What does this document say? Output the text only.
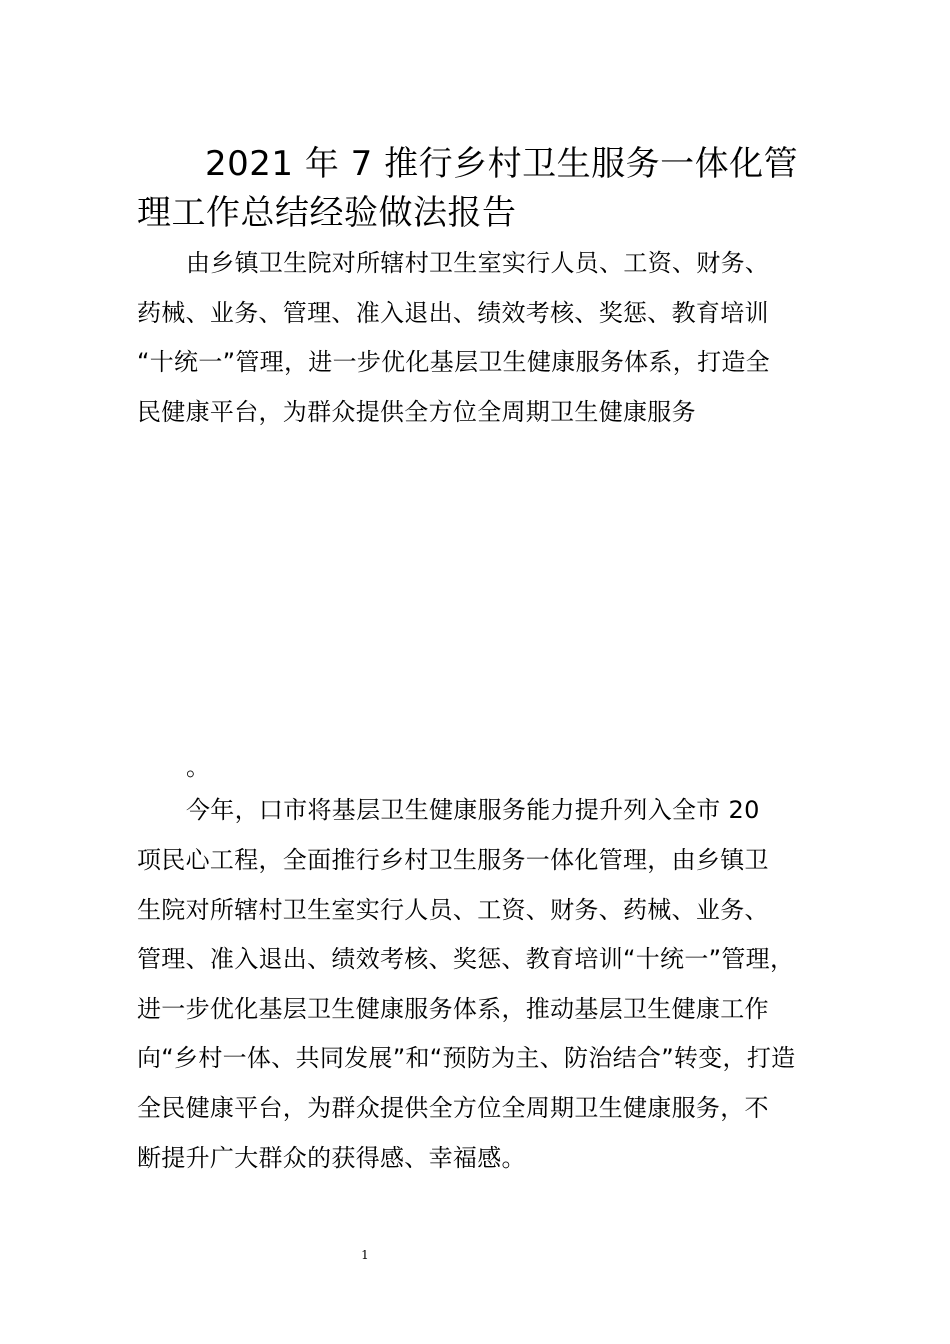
2021 年 7 推行乡村卫生服务一体化管
理工作总结经验做法报告
由乡镇卫生院对所辖村卫生室实行人员、工资、财务、
药械、业务、管理、准入退出、绩效考核、奖惩、教育培训
“十统一”管理，进一步优化基层卫生健康服务体系，打造全
民健康平台，为群众提供全方位全周期卫生健康服务
。
今年，口市将基层卫生健康服务能力提升列入全市 20
项民心工程，全面推行乡村卫生服务一体化管理，由乡镇卫
生院对所辖村卫生室实行人员、工资、财务、药械、业务、
管理、准入退出、绩效考核、奖惩、教育培训“十统一”管理，
进一步优化基层卫生健康服务体系，推动基层卫生健康工作
向“乡村一体、共同发展”和“预防为主、防治结合”转变，打造
全民健康平台，为群众提供全方位全周期卫生健康服务，不
断提升广大群众的获得感、幸福感。
1
